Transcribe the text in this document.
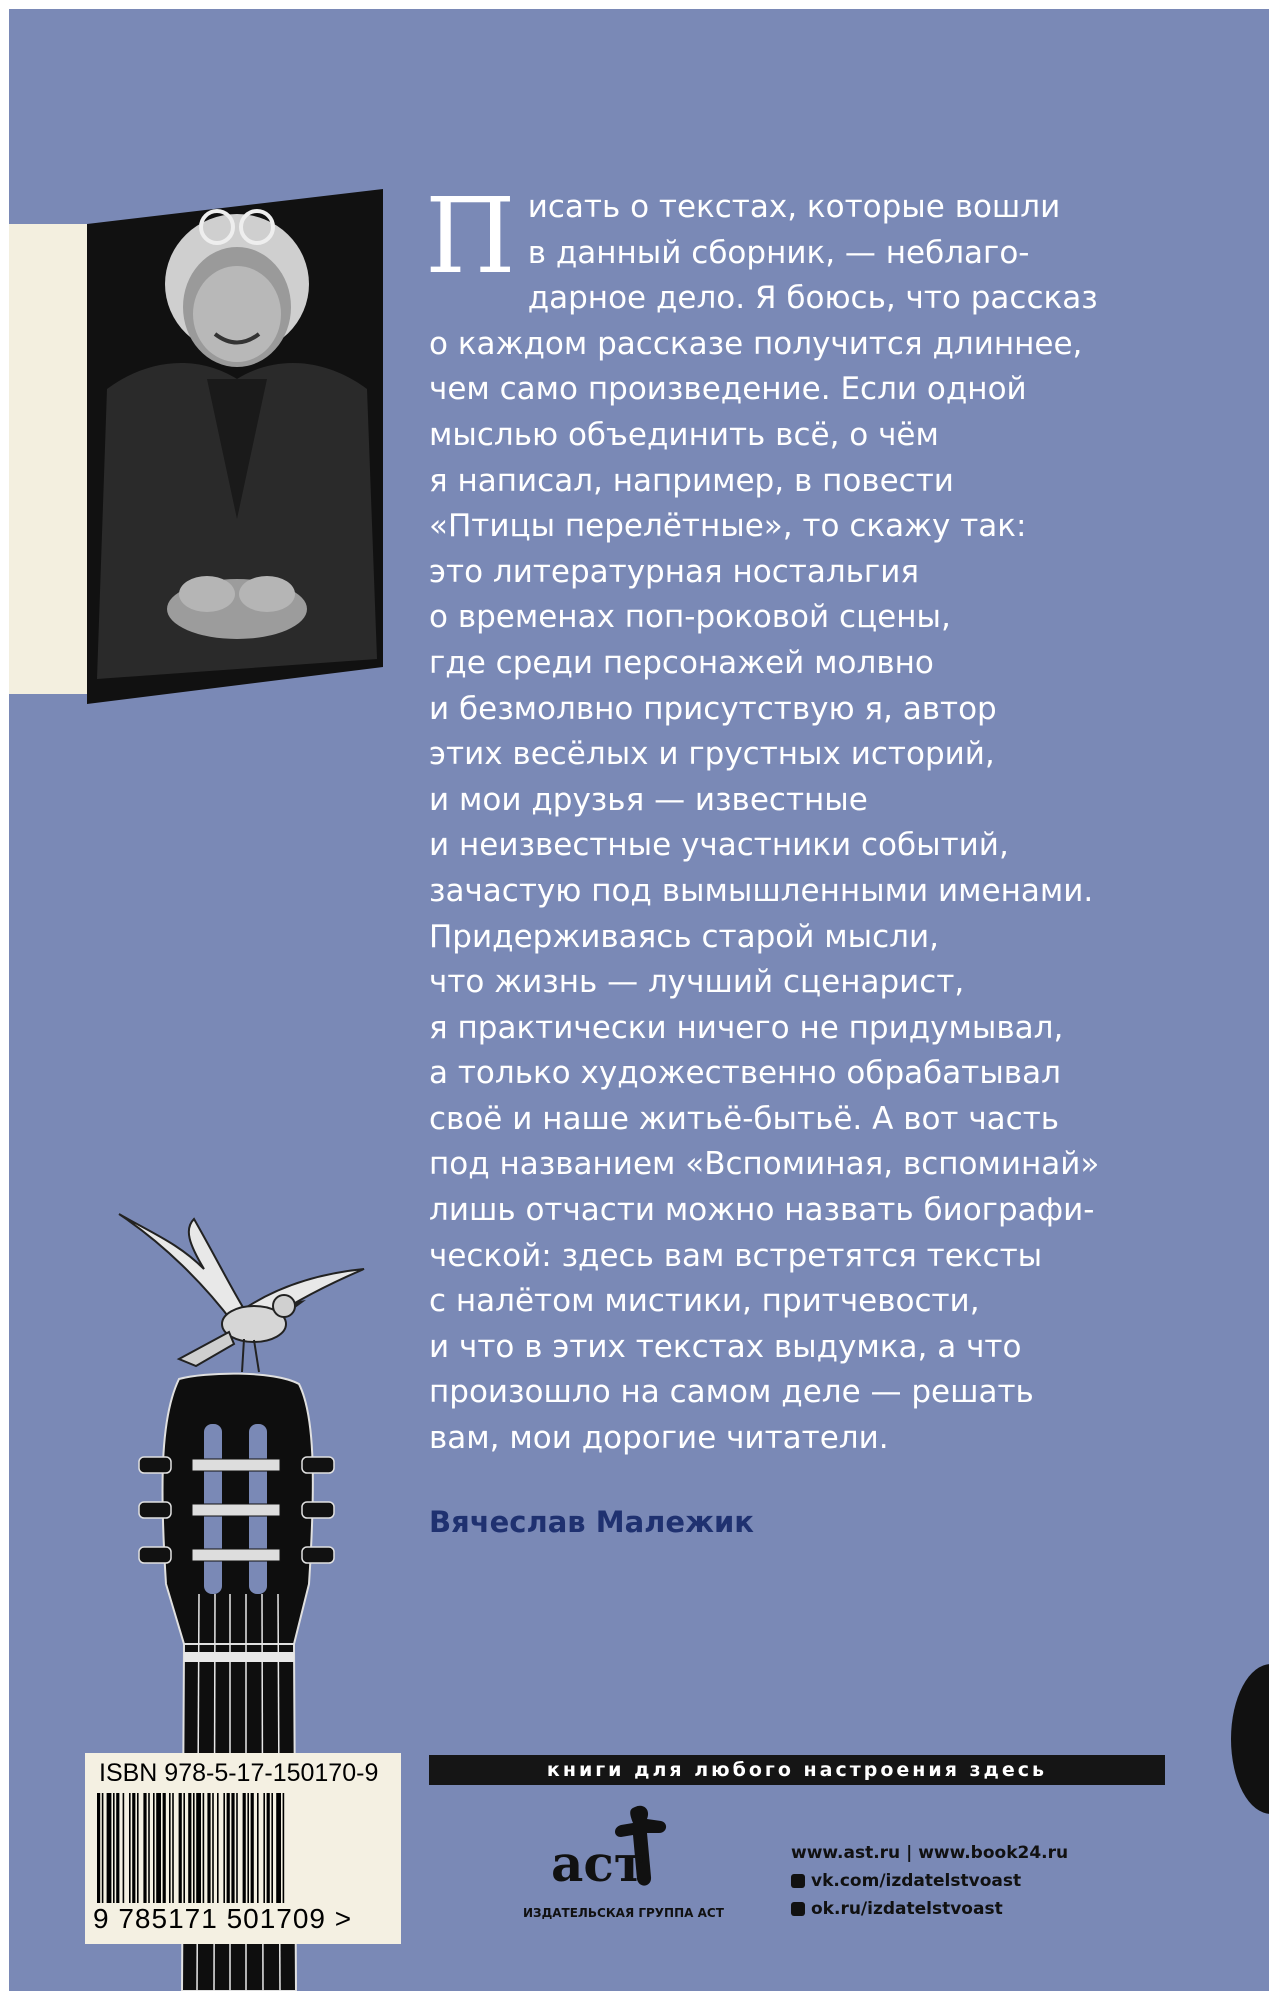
П исать о текстах, которые вошли
в данный сборник, — неблаго-
дарное дело. Я боюсь, что рассказ
о каждом рассказе получится длиннее,
чем само произведение. Если одной
мыслью объединить всё, о чём
я написал, например, в повести
«Птицы перелётные», то скажу так:
это литературная ностальгия
о временах поп-роковой сцены,
где среди персонажей молвно
и безмолвно присутствую я, автор
этих весёлых и грустных историй,
и мои друзья — известные
и неизвестные участники событий,
зачастую под вымышленными именами.
Придерживаясь старой мысли,
что жизнь — лучший сценарист,
я практически ничего не придумывал,
а только художественно обрабатывал
своё и наше житьё-бытьё. А вот часть
под названием «Вспоминая, вспоминай»
лишь отчасти можно назвать биографи-
ческой: здесь вам встретятся тексты
с налётом мистики, притчевости,
и что в этих текстах выдумка, а что
произошло на самом деле — решать
вам, мои дорогие читатели.
Вячеслав Малежик
книги для любого настроения здесь
ISBN 978-5-17-150170-9
9 785171 501709 >
аст
ИЗДАТЕЛЬСКАЯ ГРУППА АСТ
www.ast.ru | www.book24.ru
vk.com/izdatelstvoast
ok.ru/izdatelstvoast
